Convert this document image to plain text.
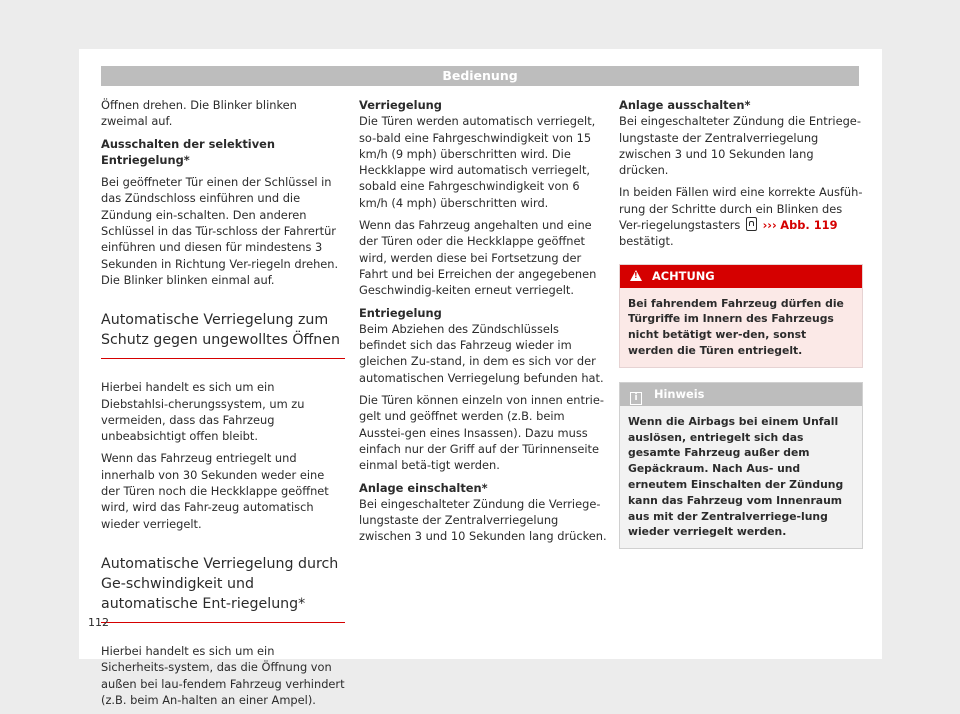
Bedienung

Öffnen drehen. Die Blinker blinken zweimal auf.

Ausschalten der selektiven Entriegelung*

Bei geöffneter Tür einen der Schlüssel in das Zündschloss einführen und die Zündung ein-schalten. Den anderen Schlüssel in das Tür-schloss der Fahrertür einführen und diesen für mindestens 3 Sekunden in Richtung Ver-riegeln drehen. Die Blinker blinken einmal auf.

Automatische Verriegelung zum Schutz gegen ungewolltes Öffnen

Hierbei handelt es sich um ein Diebstahlsi-cherungssystem, um zu vermeiden, dass das Fahrzeug unbeabsichtigt offen bleibt.

Wenn das Fahrzeug entriegelt und innerhalb von 30 Sekunden weder eine der Türen noch die Heckklappe geöffnet wird, wird das Fahr-zeug automatisch wieder verriegelt.

Automatische Verriegelung durch Ge-schwindigkeit und automatische Ent-riegelung*

Hierbei handelt es sich um ein Sicherheits-system, das die Öffnung von außen bei lau-fendem Fahrzeug verhindert (z.B. beim An-halten an einer Ampel).

Verriegelung

Die Türen werden automatisch verriegelt, so-bald eine Fahrgeschwindigkeit von 15 km/h (9 mph) überschritten wird. Die Heckklappe wird automatisch verriegelt, sobald eine Fahrgeschwindigkeit von 6 km/h (4 mph) überschritten wird.

Wenn das Fahrzeug angehalten und eine der Türen oder die Heckklappe geöffnet wird, werden diese bei Fortsetzung der Fahrt und bei Erreichen der angegebenen Geschwindig-keiten erneut verriegelt.

Entriegelung

Beim Abziehen des Zündschlüssels befindet sich das Fahrzeug wieder im gleichen Zu-stand, in dem es sich vor der automatischen Verriegelung befunden hat.

Die Türen können einzeln von innen entrie-gelt und geöffnet werden (z.B. beim Ausstei-gen eines Insassen). Dazu muss einfach nur der Griff auf der Türinnenseite einmal betä-tigt werden.

Anlage einschalten*

Bei eingeschalteter Zündung die Verriege-lungstaste der Zentralverriegelung zwischen 3 und 10 Sekunden lang drücken.

Anlage ausschalten*

Bei eingeschalteter Zündung die Entriege-lungstaste der Zentralverriegelung zwischen 3 und 10 Sekunden lang drücken.

In beiden Fällen wird eine korrekte Ausfüh-rung der Schritte durch ein Blinken des Ver-riegelungstasters ››› Abb. 119 bestätigt.

! ACHTUNG
Bei fahrendem Fahrzeug dürfen die Türgriffe im Innern des Fahrzeugs nicht betätigt wer-den, sonst werden die Türen entriegelt.
i Hinweis
Wenn die Airbags bei einem Unfall auslösen, entriegelt sich das gesamte Fahrzeug außer dem Gepäckraum. Nach Aus- und erneutem Einschalten der Zündung kann das Fahrzeug vom Innenraum aus mit der Zentralverriege-lung wieder verriegelt werden.
112
